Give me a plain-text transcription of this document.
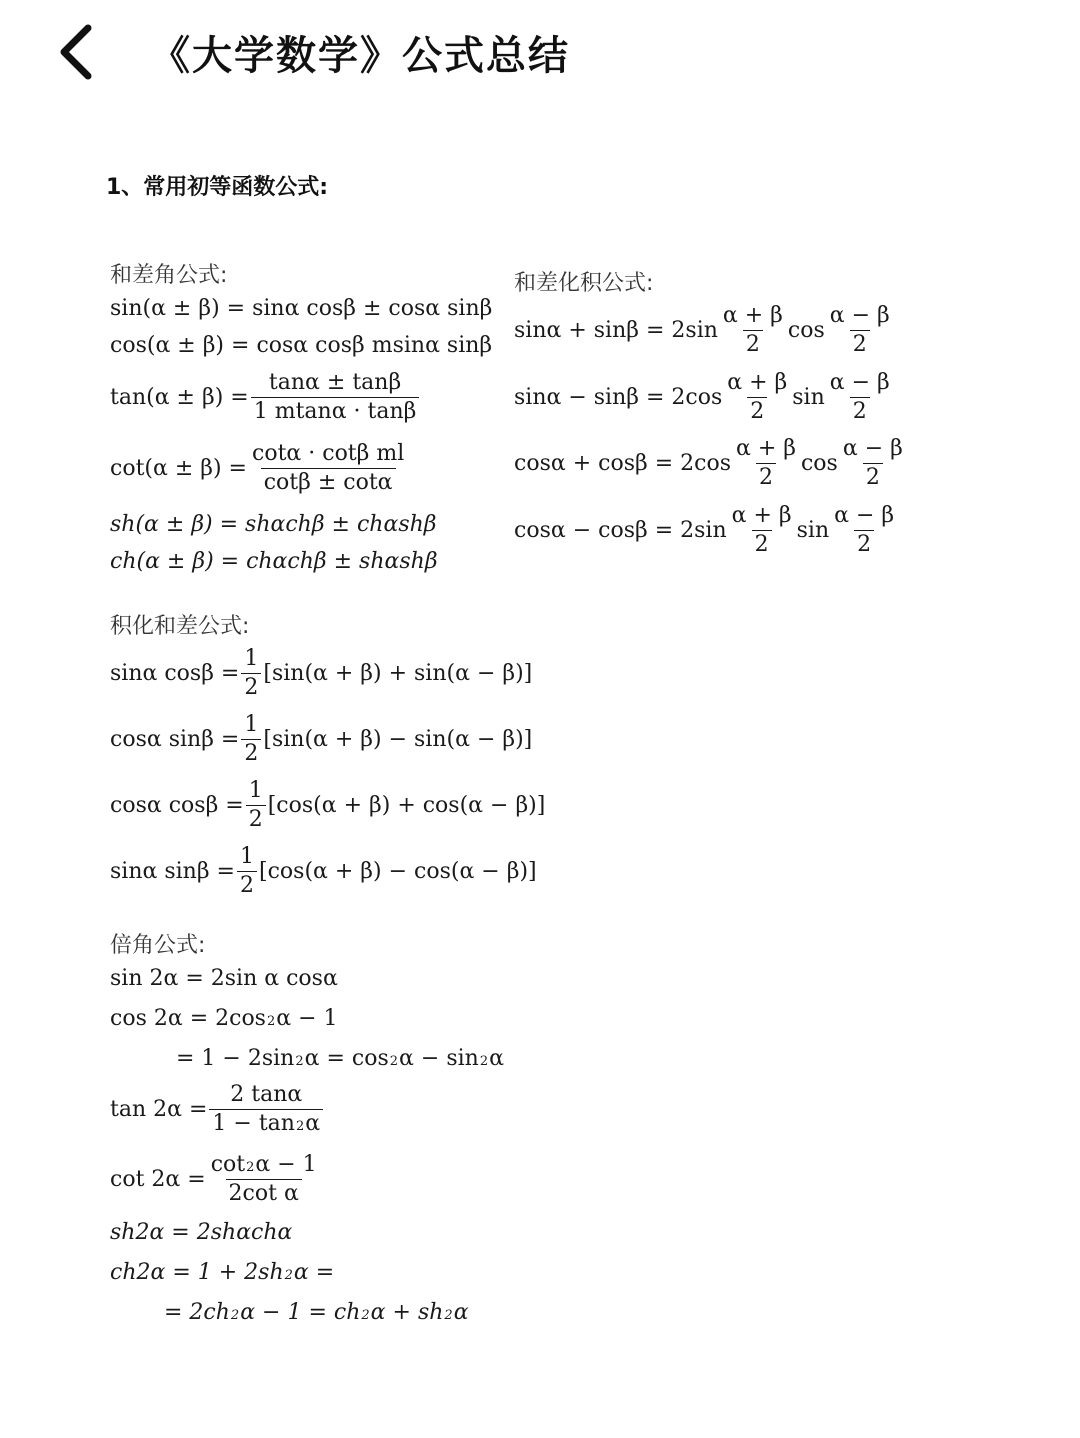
《大学数学》公式总结
1、常用初等函数公式:
和差角公式:
sin(α ± β) = sinα cosβ ± cosα sinβ
cos(α ± β) = cosα cosβ msinα sinβ
$\tan(\alpha \pm \beta) = \frac{\tan\alpha \pm \tan\beta}{1 mtan\alpha \cdot \tan\beta}$
$\cot(\alpha \pm \beta) = \frac{\text{cotα · cotβ ml}}{\cot\beta \pm \cot\alpha}$
sh(α ± β) = shαchβ ± chαshβ
ch(α ± β) = chαchβ ± shαshβ
和差化积公式:
$\sin\alpha + \sin\beta = 2\sin \frac{\alpha + \beta}{2}$ $\cos \frac{\alpha - \beta}{2}$
$\sin\alpha - \sin\beta = 2\cos \frac{\alpha + \beta}{2}$ $\sin \frac{\alpha - \beta}{2}$
$\cos\alpha + \cos\beta = 2\cos \frac{\alpha + \beta}{2}$ $\cos \frac{\alpha - \beta}{2}$
$\cos\alpha - \cos\beta = 2\sin \frac{\alpha + \beta}{2}$ $\sin \frac{\alpha - \beta}{2}$
积化和差公式:
sinα $\cos\beta = \frac{1}{2} [\sin(\alpha + \beta) + \sin(\alpha - \beta)]$
cosα $\sin\beta = \frac{1}{2} [\sin(\alpha + \beta) - \sin(\alpha - \beta)]$
cosα $\cos\beta = \frac{1}{2} [\cos(\alpha + \beta) + \cos(\alpha - \beta)]$
sinα $\sin\beta = \frac{1}{2} [\cos(\alpha + \beta) - \cos(\alpha - \beta)]$
倍角公式:
sin 2α = 2sin α cosα
cos 2α = 2cos2α − 1
= 1 − 2sin2α = cos2α − sin2α
$\tan 2\alpha = \frac{2 \tan\alpha}{1 - \tan 2\alpha}$
$\cot 2\alpha = \frac{\cot 2\alpha - 1}{\text{2cot α}}$
sh2α = 2shαchα
ch2α = 1 + 2sh2α =
= 2ch2α − 1 = ch2α + sh2α
